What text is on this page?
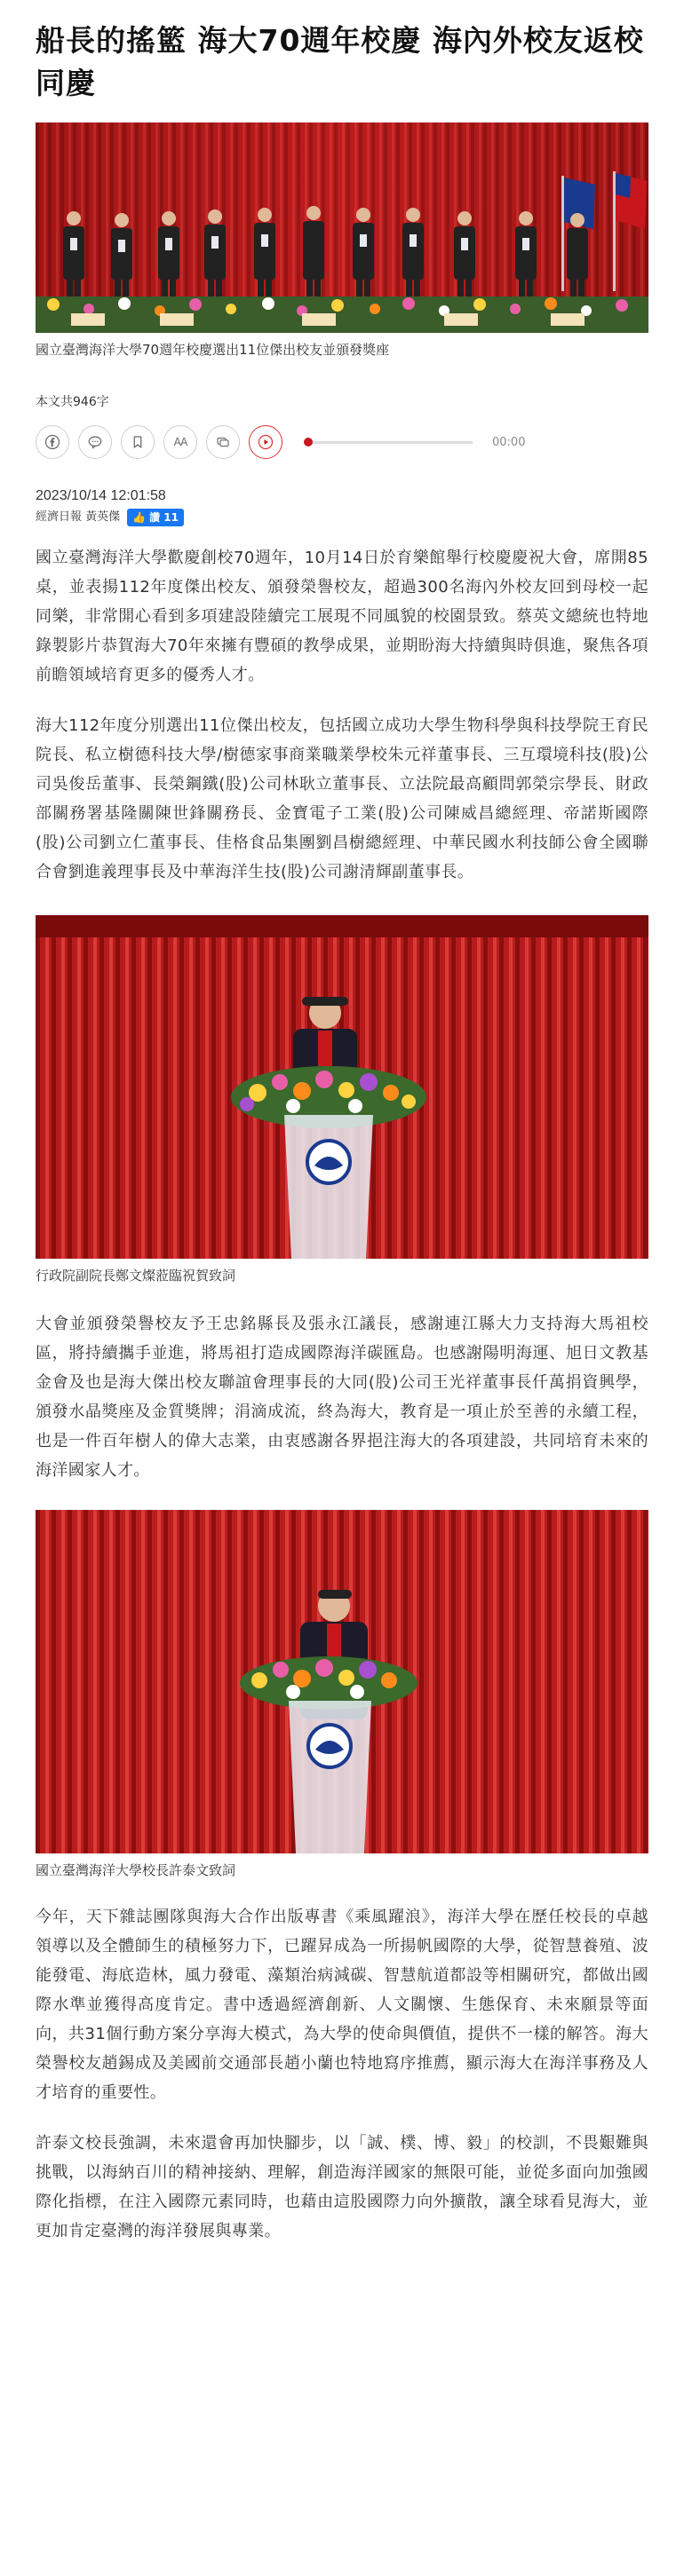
船長的搖籃 海大70週年校慶 海內外校友返校同慶
國立臺灣海洋大學70週年校慶選出11位傑出校友並頒發獎座
本文共946字
AA	00:00
2023/10/14 12:01:58
經濟日報 黃英傑 👍 讚
11

國立臺灣海洋大學歡慶創校70週年，10月14日於育樂館舉行校慶慶祝大會，席開85桌，並表揚112年度傑出校友、頒發榮譽校友，超過300名海內外校友回到母校一起同樂，非常開心看到多項建設陸續完工展現不同風貌的校園景致。蔡英文總統也特地錄製影片恭賀海大70年來擁有豐碩的教學成果，並期盼海大持續與時俱進，聚焦各項前瞻領域培育更多的優秀人才。

海大112年度分別選出11位傑出校友，包括國立成功大學生物科學與科技學院王育民院長、私立樹德科技大學/樹德家事商業職業學校朱元祥董事長、三互環境科技(股)公司吳俊岳董事、長榮鋼鐵(股)公司林耿立董事長、立法院最高顧問郭榮宗學長、財政部關務署基隆關陳世鋒關務長、金寶電子工業(股)公司陳威昌總經理、帝諾斯國際(股)公司劉立仁董事長、佳格食品集團劉昌樹總經理、中華民國水利技師公會全國聯合會劉進義理事長及中華海洋生技(股)公司謝清輝副董事長。

行政院副院長鄭文燦蒞臨祝賀致詞

大會並頒發榮譽校友予王忠銘縣長及張永江議長，感謝連江縣大力支持海大馬祖校區，將持續攜手並進，將馬祖打造成國際海洋碳匯島。也感謝陽明海運、旭日文教基金會及也是海大傑出校友聯誼會理事長的大同(股)公司王光祥董事長仟萬捐資興學，頒發水晶獎座及金質獎牌；涓滴成流，終為海大，教育是一項止於至善的永續工程，也是一件百年樹人的偉大志業，由衷感謝各界挹注海大的各項建設，共同培育未來的海洋國家人才。

國立臺灣海洋大學校長許泰文致詞

今年，天下雜誌團隊與海大合作出版專書《乘風躍浪》，海洋大學在歷任校長的卓越領導以及全體師生的積極努力下，已躍昇成為一所揚帆國際的大學，從智慧養殖、波能發電、海底造林，風力發電、藻類治病減碳、智慧航道都設等相關研究，都做出國際水準並獲得高度肯定。書中透過經濟創新、人文關懷、生態保育、未來願景等面向，共31個行動方案分享海大模式，為大學的使命與價值，提供不一樣的解答。海大榮譽校友趙錫成及美國前交通部長趙小蘭也特地寫序推薦，顯示海大在海洋事務及人才培育的重要性。

許泰文校長強調，未來還會再加快腳步，以「誠、樸、博、毅」的校訓，不畏艱難與挑戰，以海納百川的精神接納、理解，創造海洋國家的無限可能，並從多面向加強國際化指標，在注入國際元素同時，也藉由這股國際力向外擴散，讓全球看見海大，並更加肯定臺灣的海洋發展與專業。
